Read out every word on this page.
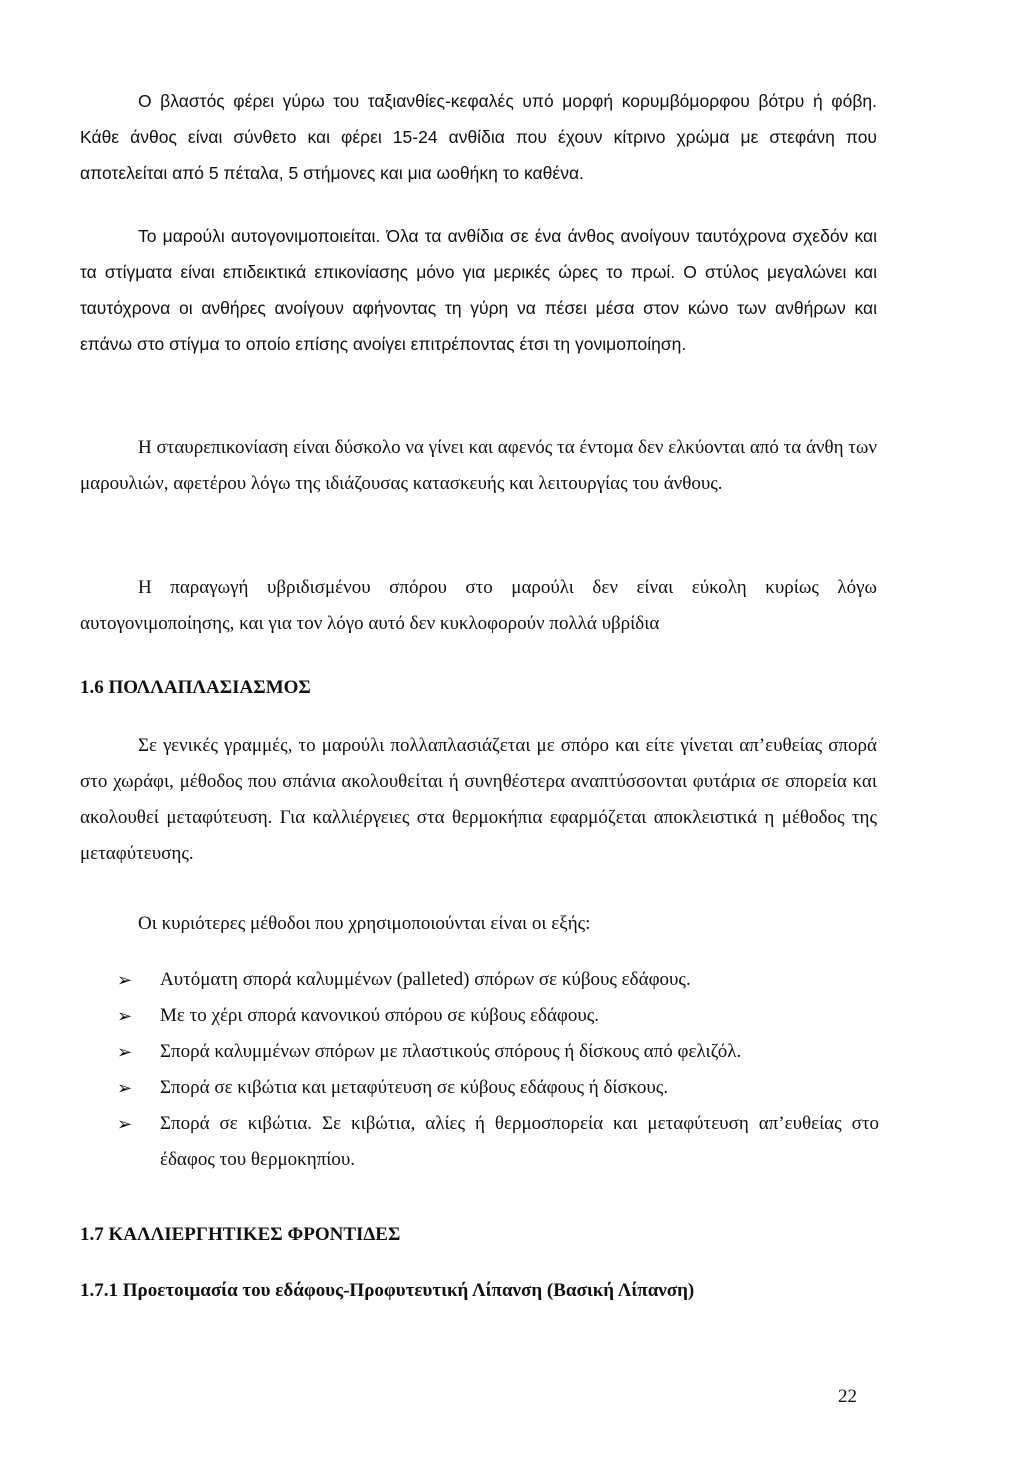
Ο βλαστός φέρει γύρω του ταξιανθίες-κεφαλές υπό μορφή κορυμβόμορφου βότρυ ή φόβη. Κάθε άνθος είναι σύνθετο και φέρει 15-24 ανθίδια που έχουν κίτρινο χρώμα με στεφάνη που αποτελείται από 5 πέταλα, 5 στήμονες και μια ωοθήκη το καθένα.

Το μαρούλι αυτογονιμοποιείται. Όλα τα ανθίδια σε ένα άνθος ανοίγουν ταυτόχρονα σχεδόν και τα στίγματα είναι επιδεικτικά επικονίασης μόνο για μερικές ώρες το πρωί. Ο στύλος μεγαλώνει και ταυτόχρονα οι ανθήρες ανοίγουν αφήνοντας τη γύρη να πέσει μέσα στον κώνο των ανθήρων και επάνω στο στίγμα το οποίο επίσης ανοίγει επιτρέποντας έτσι τη γονιμοποίηση.

Η σταυρεπικονίαση είναι δύσκολο να γίνει και αφενός τα έντομα δεν ελκύονται από τα άνθη των μαρουλιών, αφετέρου λόγω της ιδιάζουσας κατασκευής και λειτουργίας του άνθους.

Η παραγωγή υβριδισμένου σπόρου στο μαρούλι δεν είναι εύκολη κυρίως λόγω αυτογονιμοποίησης, και για τον λόγο αυτό δεν κυκλοφορούν πολλά υβρίδια

1.6 ΠΟΛΛΑΠΛΑΣΙΑΣΜΟΣ

Σε γενικές γραμμές, το μαρούλι πολλαπλασιάζεται με σπόρο και είτε γίνεται απ’ευθείας σπορά στο χωράφι, μέθοδος που σπάνια ακολουθείται ή συνηθέστερα αναπτύσσονται φυτάρια σε σπορεία και ακολουθεί μεταφύτευση. Για καλλιέργειες στα θερμοκήπια εφαρμόζεται αποκλειστικά η μέθοδος της μεταφύτευσης.

Οι κυριότερες μέθοδοι που χρησιμοποιούνται είναι οι εξής:

➢ Αυτόματη σπορά καλυμμένων (palleted) σπόρων σε κύβους εδάφους.
➢ Με το χέρι σπορά κανονικού σπόρου σε κύβους εδάφους.
➢ Σπορά καλυμμένων σπόρων με πλαστικούς σπόρους ή δίσκους από φελιζόλ.
➢ Σπορά σε κιβώτια και μεταφύτευση σε κύβους εδάφους ή δίσκους.
➢ Σπορά σε κιβώτια. Σε κιβώτια, αλίες ή θερμοσπορεία και μεταφύτευση απ’ευθείας στο έδαφος του θερμοκηπίου.
1.7 ΚΑΛΛΙΕΡΓΗΤΙΚΕΣ ΦΡΟΝΤΙΔΕΣ
1.7.1 Προετοιμασία του εδάφους-Προφυτευτική Λίπανση (Βασική Λίπανση)
22
